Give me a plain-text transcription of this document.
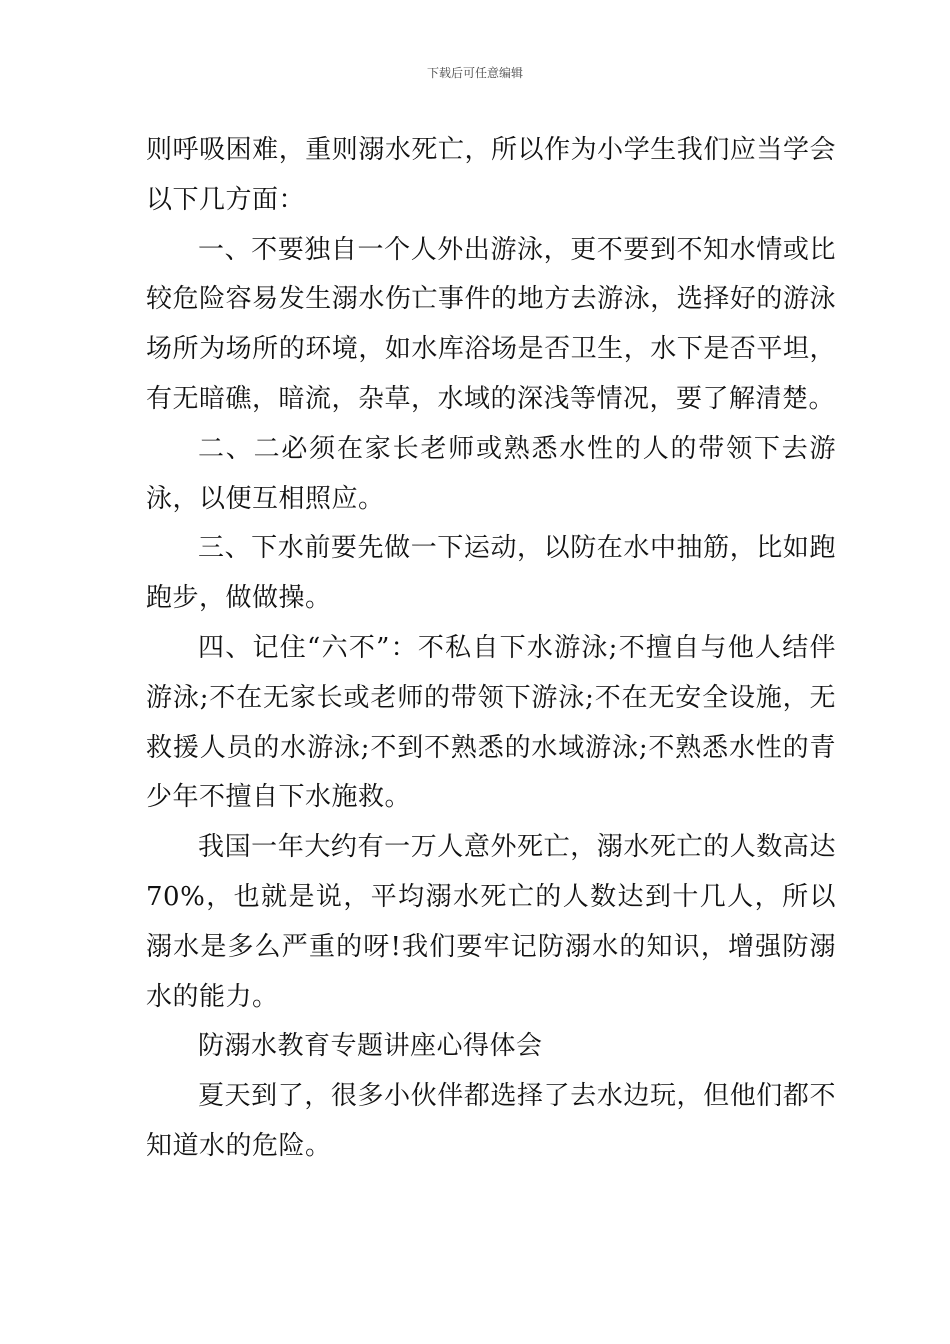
下载后可任意编辑

则呼吸困难，重则溺水死亡，所以作为小学生我们应当学会以下几方面：

一、不要独自一个人外出游泳，更不要到不知水情或比较危险容易发生溺水伤亡事件的地方去游泳，选择好的游泳场所为场所的环境，如水库浴场是否卫生，水下是否平坦，有无暗礁，暗流，杂草，水域的深浅等情况，要了解清楚。

二、二必须在家长老师或熟悉水性的人的带领下去游泳，以便互相照应。

三、下水前要先做一下运动，以防在水中抽筋，比如跑跑步，做做操。

四、记住“六不”：不私自下水游泳;不擅自与他人结伴游泳;不在无家长或老师的带领下游泳;不在无安全设施，无救援人员的水游泳;不到不熟悉的水域游泳;不熟悉水性的青少年不擅自下水施救。

我国一年大约有一万人意外死亡，溺水死亡的人数高达70%，也就是说，平均溺水死亡的人数达到十几人，所以溺水是多么严重的呀!我们要牢记防溺水的知识，增强防溺水的能力。

防溺水教育专题讲座心得体会

夏天到了，很多小伙伴都选择了去水边玩，但他们都不知道水的危险。
